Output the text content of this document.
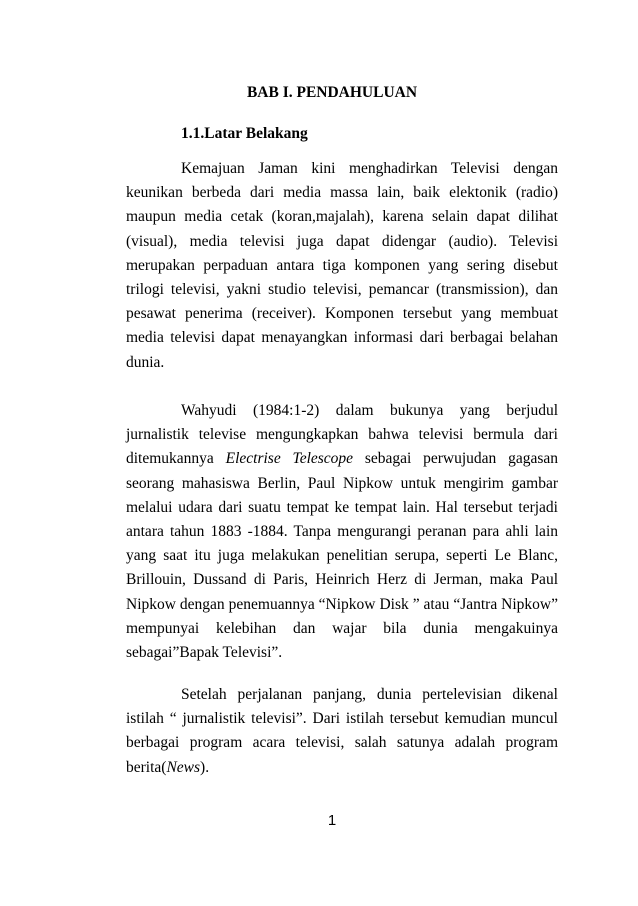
BAB I. PENDAHULUAN
1.1.Latar Belakang

Kemajuan Jaman kini menghadirkan Televisi dengan keunikan berbeda dari media massa lain, baik elektonik (radio) maupun media cetak (koran,majalah), karena selain dapat dilihat (visual), media televisi juga dapat didengar (audio). Televisi merupakan perpaduan antara tiga komponen yang sering disebut trilogi televisi, yakni studio televisi, pemancar (transmission), dan pesawat penerima (receiver). Komponen tersebut yang membuat media televisi dapat menayangkan informasi dari berbagai belahan dunia.

Wahyudi (1984:1-2) dalam bukunya yang berjudul jurnalistik televise mengungkapkan bahwa televisi bermula dari ditemukannya Electrise Telescope sebagai perwujudan gagasan seorang mahasiswa Berlin, Paul Nipkow untuk mengirim gambar melalui udara dari suatu tempat ke tempat lain. Hal tersebut terjadi antara tahun 1883 -1884. Tanpa mengurangi peranan para ahli lain yang saat itu juga melakukan penelitian serupa, seperti Le Blanc, Brillouin, Dussand di Paris, Heinrich Herz di Jerman, maka Paul Nipkow dengan penemuannya “Nipkow Disk ” atau “Jantra Nipkow” mempunyai kelebihan dan wajar bila dunia mengakuinya sebagai”Bapak Televisi”.

Setelah perjalanan panjang, dunia pertelevisian dikenal istilah “ jurnalistik televisi”. Dari istilah tersebut kemudian muncul berbagai program acara televisi, salah satunya adalah program berita(News).

1
